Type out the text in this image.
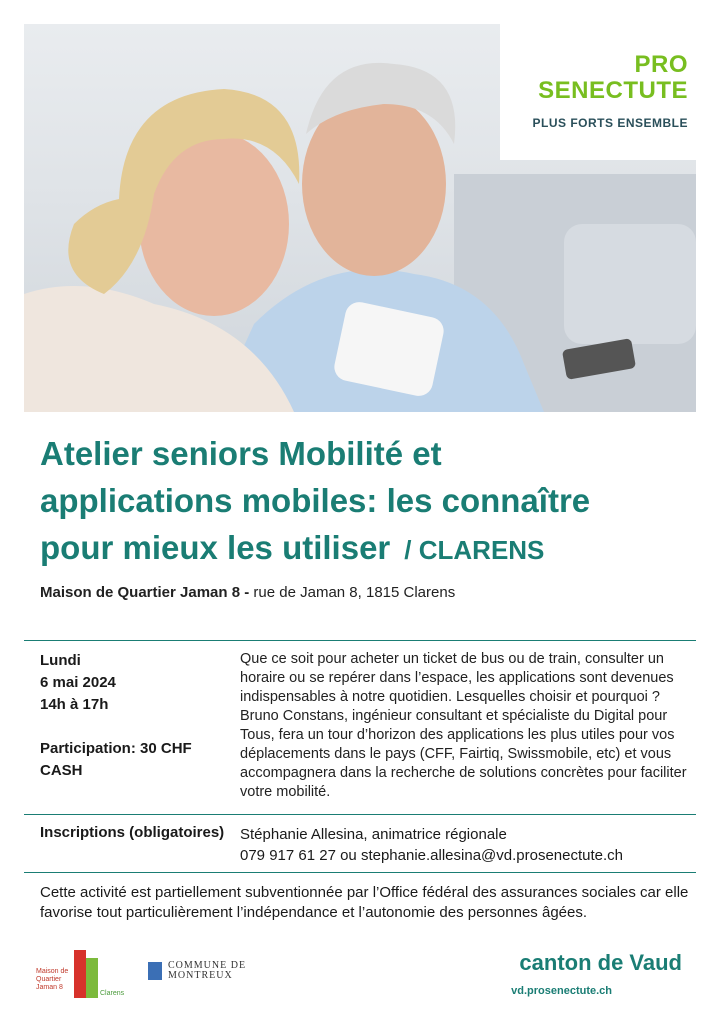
PRO
SENECTUTE
PLUS FORTS ENSEMBLE
Atelier seniors Mobilité et
applications mobiles: les connaître
pour mieux les utiliser / CLARENS
Maison de Quartier Jaman 8 - rue de Jaman 8, 1815 Clarens
Lundi
6 mai 2024
14h à 17h
Participation: 30 CHF
CASH
Que ce soit pour acheter un ticket de bus ou de train, consulter un horaire ou se repérer dans l’espace, les applications sont devenues indispensables à notre quotidien. Lesquelles choisir et pourquoi ? Bruno Constans, ingénieur consultant et spécialiste du Digital pour Tous, fera un tour d’horizon des applications les plus utiles pour vos déplacements dans le pays (CFF, Fairtiq, Swissmobile, etc) et vous accompagnera dans la recherche de solutions concrètes pour faciliter votre mobilité.
Inscriptions (obligatoires) Stéphanie Allesina, animatrice régionale
079 917 61 27 ou stephanie.allesina@vd.prosenectute.ch
Cette activité est partiellement subventionnée par l’Office fédéral des assurances sociales car elle favorise tout particulièrement l’indépendance et l’autonomie des personnes âgées.
Maison de
Quartier
Jaman 8
Clarens
COMMUNE DE
MONTREUX
canton de Vaud
vd.prosenectute.ch
